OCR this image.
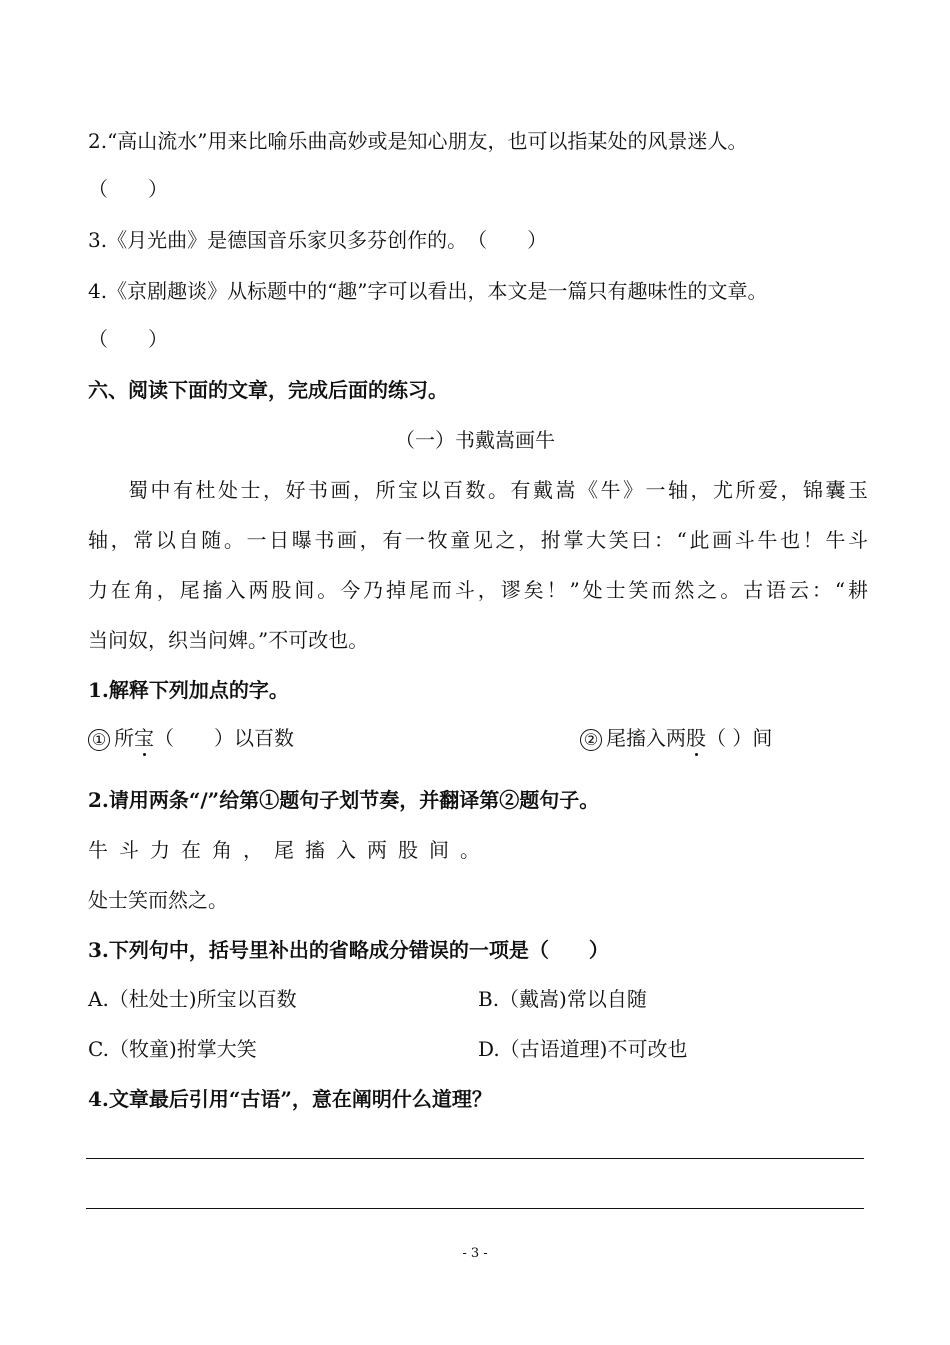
2.“高山流水”用来比喻乐曲高妙或是知心朋友，也可以指某处的风景迷人。
（　　）
3.《月光曲》是德国音乐家贝多芬创作的。　（　　）
4.《京剧趣谈》从标题中的“趣”字可以看出，本文是一篇只有趣味性的文章。
（　　）
六、阅读下面的文章，完成后面的练习。
（一）书戴嵩画牛
蜀中有杜处士，好书画，所宝以百数。有戴嵩《牛》一轴，尤所爱，锦囊玉
轴，常以自随。一日曝书画，有一牧童见之，拊掌大笑曰：“此画斗牛也！牛斗
力在角，尾搐入两股间。今乃掉尾而斗，谬矣！”处士笑而然之。古语云：“耕
当问奴，织当问婢。”不可改也。
1.解释下列加点的字。
① 所宝（　　）以百数	② 尾搐入两股（ ）间
2.请用两条“/”给第①题句子划节奏，并翻译第②题句子。
牛斗力在角，尾搐入两股间。
处士笑而然之。
3.下列句中，括号里补出的省略成分错误的一项是（　　）
A.（杜处士)所宝以百数	B.（戴嵩)常以自随
C.（牧童)拊掌大笑	D.（古语道理)不可改也
4.文章最后引用“古语”，意在阐明什么道理？
- 3 -
